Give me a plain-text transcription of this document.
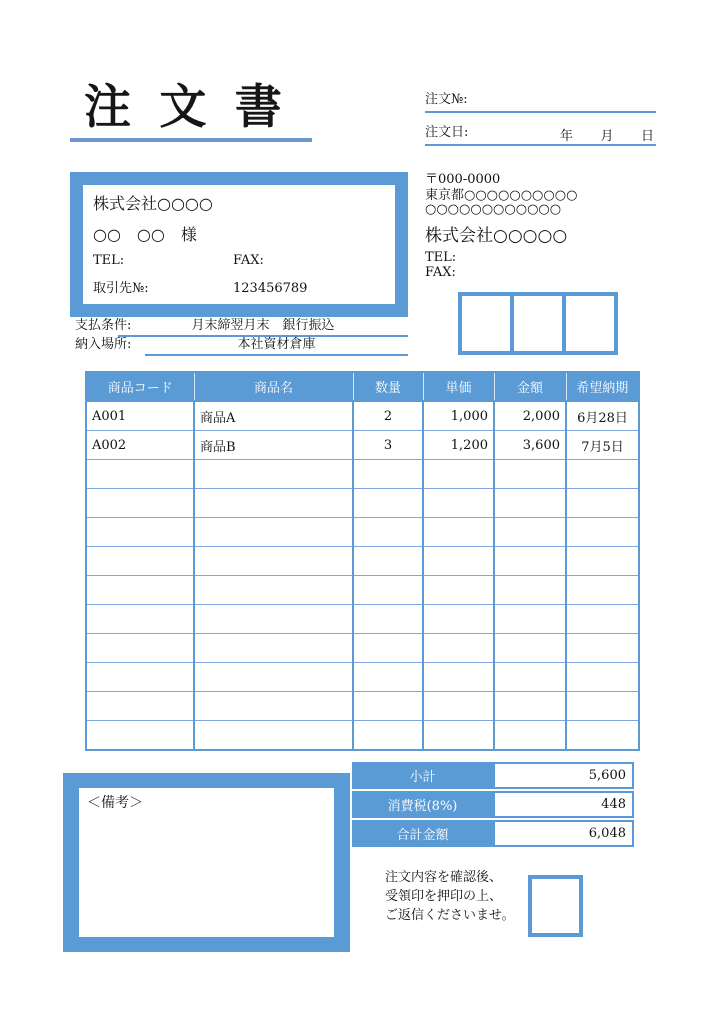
注 文 書	注文№:
注文日:	年 月 日
株式会社○○○○
○○　○○　様
TEL:	FAX:
取引先№:	123456789
〒000-0000
東京都○○○○○○○○○○
○○○○○○○○○○○○
株式会社○○○○○
TEL:
FAX:
支払条件:	月末締翌月末　銀行振込
納入場所:	本社資材倉庫
商品コード	商品名	数量	単価	金額	希望納期
A001	商品A	2	1,000	2,000	6月28日
A002	商品B	3	1,200	3,600	7月5日

小計	5,600
消費税(8%)	448
合計金額	6,048
＜備考＞
注文内容を確認後、
受領印を押印の上、
ご返信くださいませ。
